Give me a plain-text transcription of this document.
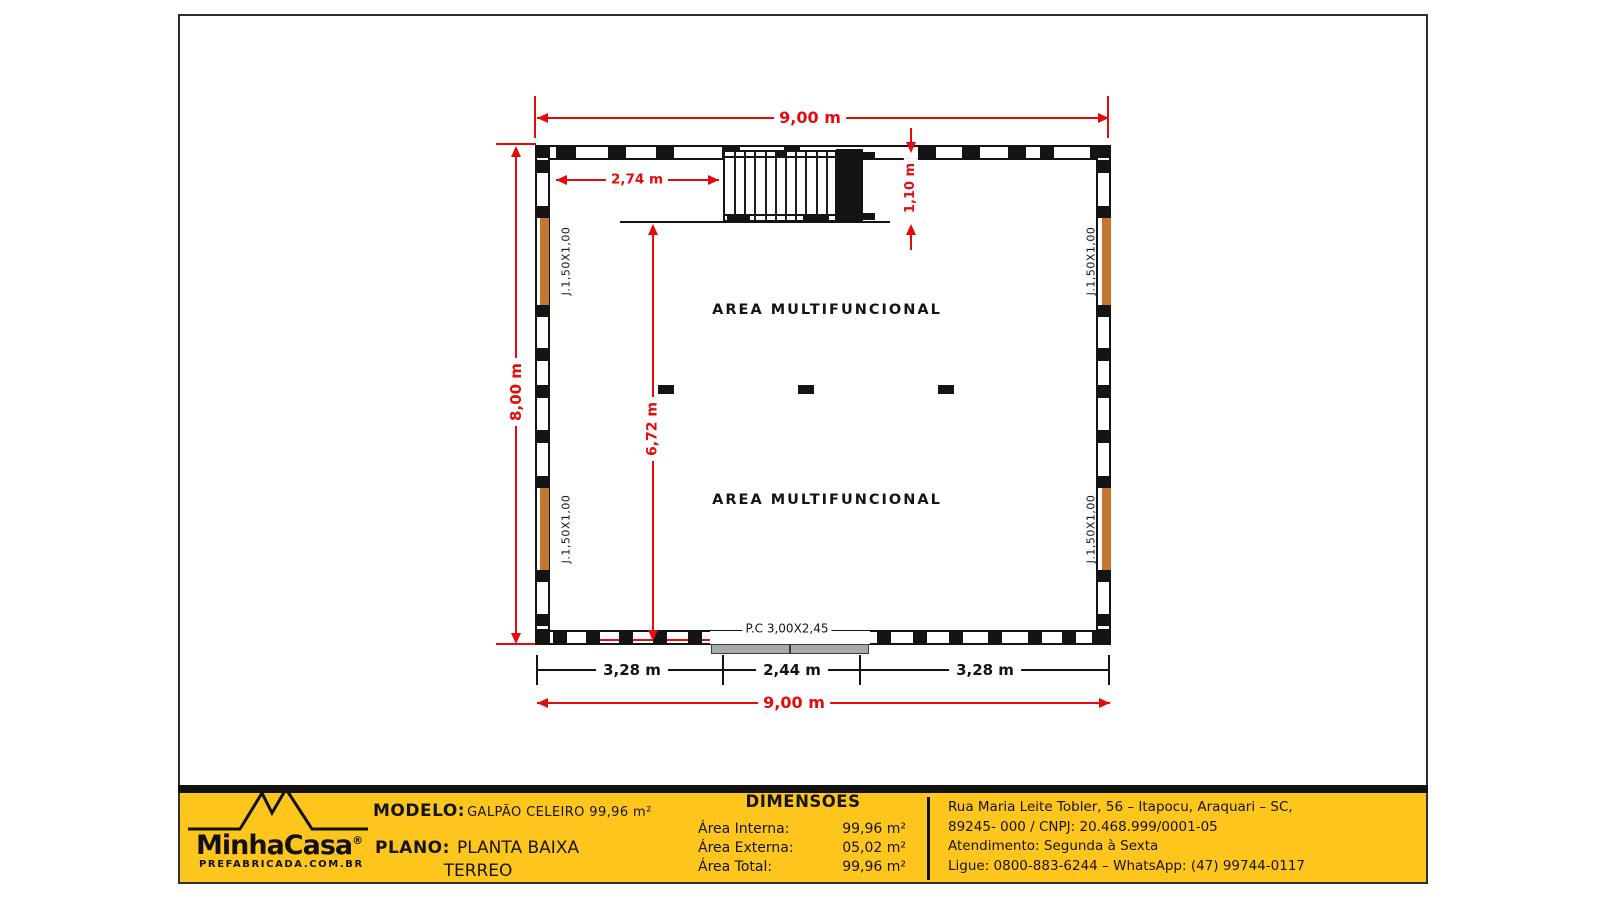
J.1,50X1,00
J.1,50X1,00
J.1,50X1,00
J.1,50X1,00
P.C 3,00X2,45
AREA MULTIFUNCIONAL
AREA MULTIFUNCIONAL
9,00 m
2,74 m	1,10 m
6,72 m
8,00 m
3,28 m	2,44 m	3,28 m
9,00 m
MinhaCasa®
PREFABRICADA.COM.BR
MODELO: GALPÃO CELEIRO 99,96 m²
PLANO: PLANTA BAIXA
TERREO
DIMENSÕES
Área Interna:	99,96 m²
Área Externa:	05,02 m²
Área Total:	99,96 m²
Rua Maria Leite Tobler, 56 – Itapocu, Araquari – SC,
89245- 000 / CNPJ: 20.468.999/0001-05
Atendimento: Segunda à Sexta
Ligue: 0800-883-6244 – WhatsApp: (47) 99744-0117
